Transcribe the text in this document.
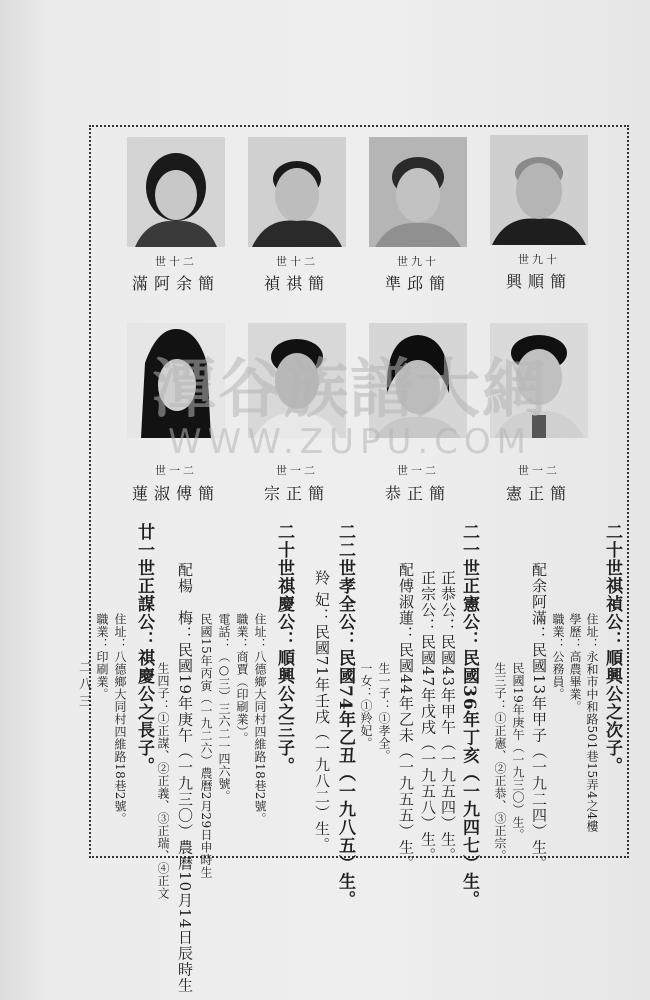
世十二	世十二	世九十	世九十
滿阿余簡	禎祺簡	準邱簡	興順簡
世一二	世一二	世一二	世一二
蓮淑傅簡	宗正簡	恭正簡	憲正簡
潭谷族譜大網
WWW.ZUPU.COM
二十世祺禎公：順興公之次子。
住址：永和市中和路501巷15弄4之4樓
學歷：高農畢業。
職業：公務員。
配余阿滿：民國13年甲子（一九二四）生。
民國19年庚午（一九三〇）生。
生三子：①正憲、②正恭、③正宗。
二一世正憲公：民國36年丁亥（一九四七）生。
正恭公：民國43年甲午（一九五四）生。
正宗公：民國47年戊戌（一九五八）生。
配傅淑蓮：民國44年乙未（一九五五）生。
生一子：①孝全。
一女：①羚妃。
二二世孝全公：民國74年乙丑（一九八五）生。
羚 妃：民國71年壬戌（一九八二）生。
二十世祺慶公：順興公之三子。
住址：八德鄉大同村四維路18巷2號。
職業：商賈（印刷業）。
電話：（○三）三六二一四六號。
民國15年丙寅（一九二六）農曆2月29日申時生
配楊　梅：民國19年庚午（一九三〇）農曆10月14日辰時生
生四子：①正謀、②正義、③正瑞、④正文
廿一世正謀公：祺慶公之長子。
住址：八德鄉大同村四維路18巷2號。
職業：印刷業。
二八三
